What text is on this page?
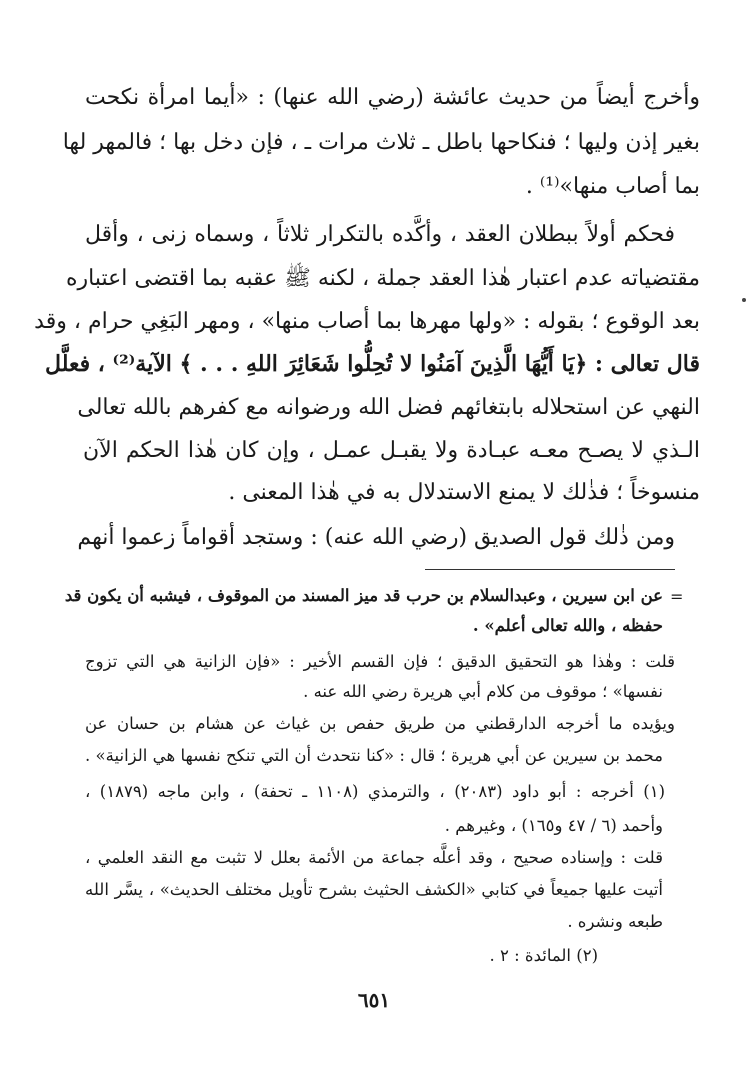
وأخرج أيضاً من حديث عائشة (رضي الله عنها) : «أيما امرأة نكحت
بغير إذن وليها ؛ فنكاحها باطل ـ ثلاث مرات ـ ، فإن دخل بها ؛ فالمهر لها
بما أصاب منها»⁽¹⁾ .
فحكم أولاً ببطلان العقد ، وأكَّده بالتكرار ثلاثاً ، وسماه زنى ، وأقل
مقتضياته عدم اعتبار هٰذا العقد جملة ، لكنه ﷺ عقبه بما اقتضى اعتباره
بعد الوقوع ؛ بقوله : «ولها مهرها بما أصاب منها» ، ومهر البَغِي حرام ، وقد
قال تعالى : ﴿يَا أَيُّهَا الَّذِينَ آمَنُوا لا تُحِلُّوا شَعَائِرَ اللهِ . . . ﴾ الآية⁽²⁾ ، فعلَّل
النهي عن استحلاله بابتغائهم فضل الله ورضوانه مع كفرهم بالله تعالى
الـذي لا يصـح معـه عبـادة ولا يقبـل عمـل ، وإن كان هٰذا الحكم الآن
منسوخاً ؛ فذٰلك لا يمنع الاستدلال به في هٰذا المعنى .
ومن ذٰلك قول الصديق (رضي الله عنه) : وستجد أقواماً زعموا أنهم
=
عن ابن سيرين ، وعبدالسلام بن حرب قد ميز المسند من الموقوف ، فيشبه أن يكون قد
حفظه ، والله تعالى أعلم» .
قلت : وهٰذا هو التحقيق الدقيق ؛ فإن القسم الأخير : «فإن الزانية هي التي تزوج
نفسها» ؛ موقوف من كلام أبي هريرة رضي الله عنه .
ويؤيده ما أخرجه الدارقطني من طريق حفص بن غياث عن هشام بن حسان عن
محمد بن سيرين عن أبي هريرة ؛ قال : «كنا نتحدث أن التي تنكح نفسها هي الزانية» .
(١) أخرجه : أبو داود (٢٠٨٣) ، والترمذي (١١٠٨ ـ تحفة) ، وابن ماجه (١٨٧٩) ،
وأحمد (٦ / ٤٧ و١٦٥) ، وغيرهم .
قلت : وإسناده صحيح ، وقد أعلَّه جماعة من الأئمة بعلل لا تثبت مع النقد العلمي ،
أتيت عليها جميعاً في كتابي «الكشف الحثيث بشرح تأويل مختلف الحديث» ، يسَّر الله
طبعه ونشره .
(٢) المائدة : ٢ .
٦٥١
